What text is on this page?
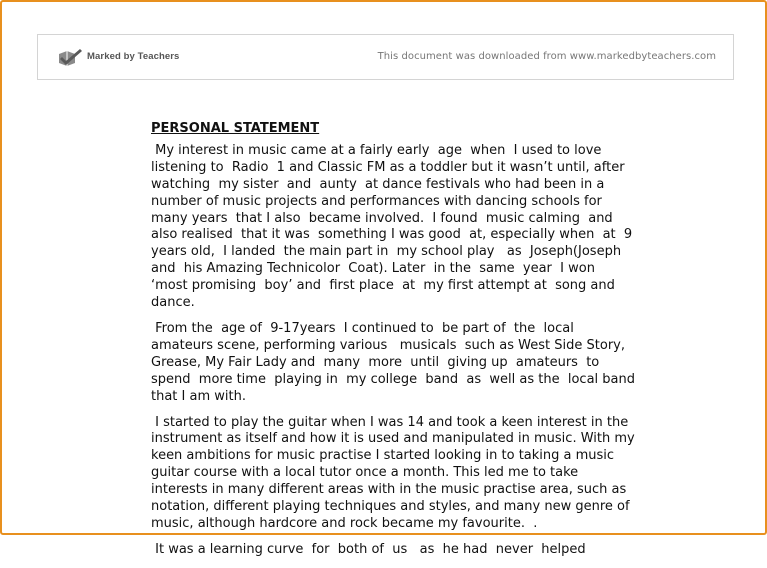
Marked by Teachers	This document was downloaded from www.markedbyteachers.com
PERSONAL STATEMENT
My interest in music came at a fairly early  age  when  I used to love
listening to  Radio  1 and Classic FM as a toddler but it wasn’t until, after
watching  my sister  and  aunty  at dance festivals who had been in a
number of music projects and performances with dancing schools for
many years  that I also  became involved.  I found  music calming  and
also realised  that it was  something I was good  at, especially when  at  9
years old,  I landed  the main part in  my school play   as  Joseph(Joseph
and  his Amazing Technicolor  Coat). Later  in the  same  year  I won
‘most promising  boy’ and  first place  at  my first attempt at  song and
dance.
From the  age of  9-17years  I continued to  be part of  the  local
amateurs scene, performing various   musicals  such as West Side Story,
Grease, My Fair Lady and  many  more  until  giving up  amateurs  to
spend  more time  playing in  my college  band  as  well as the  local band
that I am with.
I started to play the guitar when I was 14 and took a keen interest in the
instrument as itself and how it is used and manipulated in music. With my
keen ambitions for music practise I started looking in to taking a music
guitar course with a local tutor once a month. This led me to take
interests in many different areas with in the music practise area, such as
notation, different playing techniques and styles, and many new genre of
music, although hardcore and rock became my favourite.  .
It was a learning curve  for  both of  us   as  he had  never  helped
